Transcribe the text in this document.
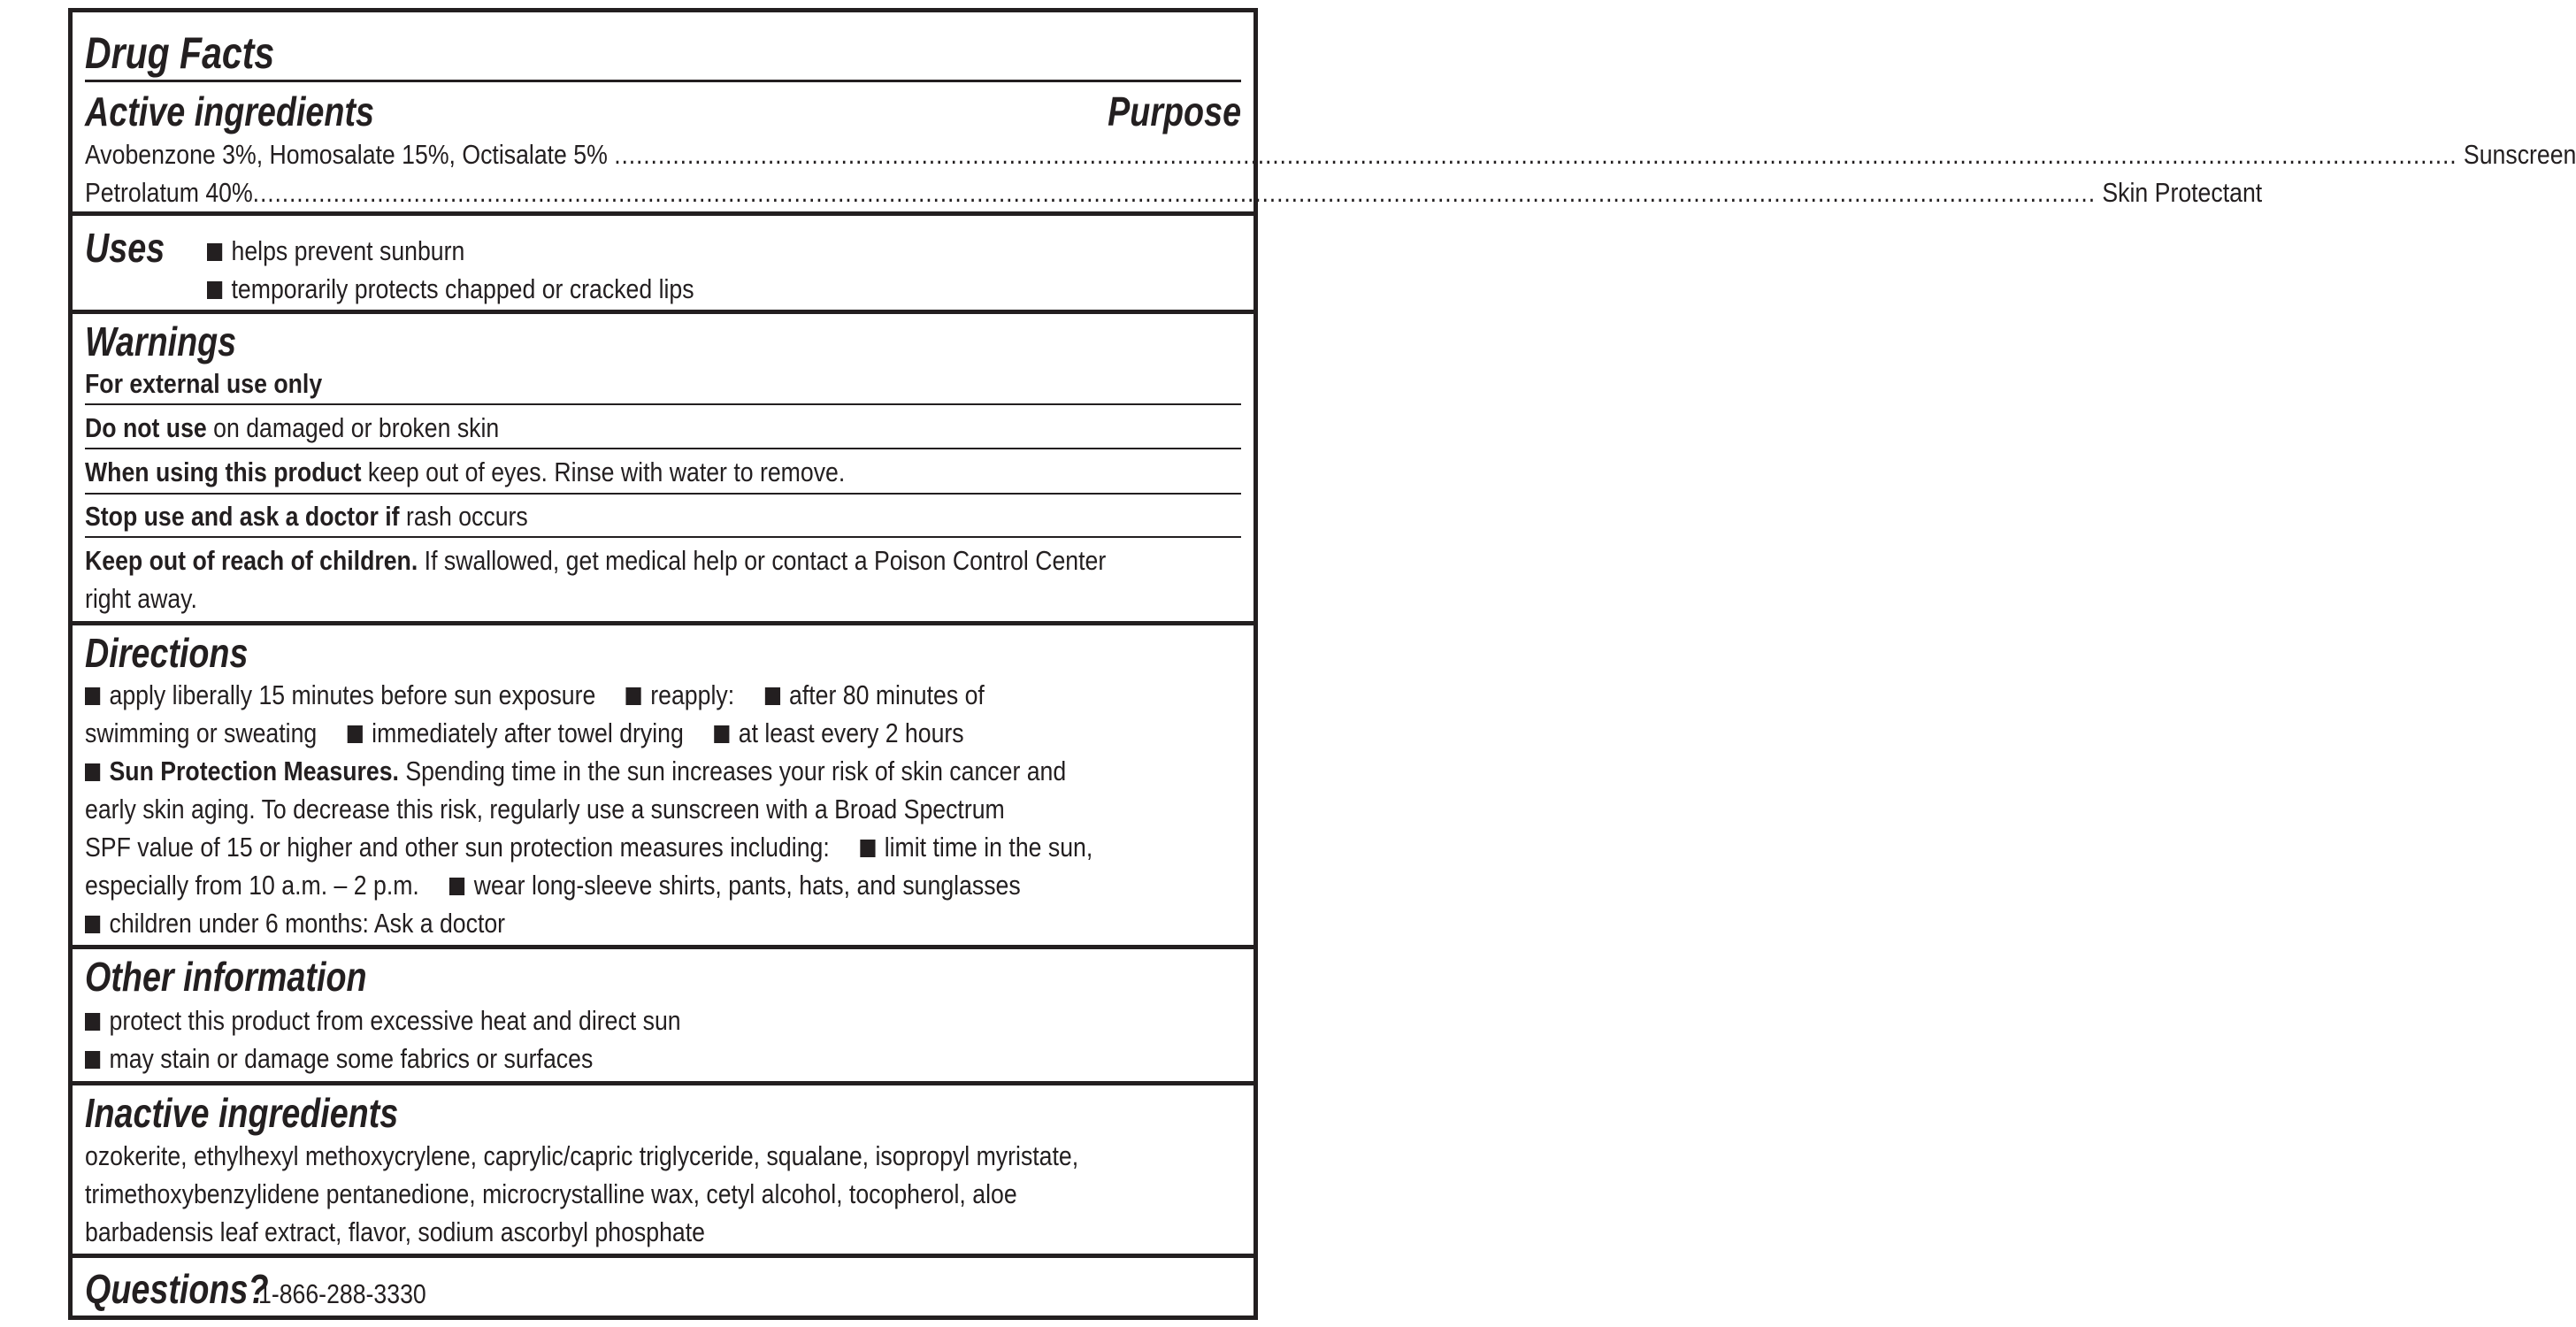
Drug Facts
Active ingredients	Purpose
Avobenzone 3%, Homosalate 15%, Octisalate 5% ............................................................................................................................................................................................................................................................ Sunscreen
Petrolatum 40% ............................................................................................................................................................................................................................................................ Skin Protectant
Uses	helps prevent sunburn
temporarily protects chapped or cracked lips
Warnings
For external use only
Do not use on damaged or broken skin
When using this product keep out of eyes. Rinse with water to remove.
Stop use and ask a doctor if rash occurs
Keep out of reach of children. If swallowed, get medical help or contact a Poison Control Center
right away.
Directions
apply liberally 15 minutes before sun exposure reapply: after 80 minutes of
swimming or sweating immediately after towel drying at least every 2 hours
Sun Protection Measures. Spending time in the sun increases your risk of skin cancer and
early skin aging. To decrease this risk, regularly use a sunscreen with a Broad Spectrum
SPF value of 15 or higher and other sun protection measures including: limit time in the sun,
especially from 10 a.m. – 2 p.m. wear long-sleeve shirts, pants, hats, and sunglasses
children under 6 months: Ask a doctor
Other information
protect this product from excessive heat and direct sun
may stain or damage some fabrics or surfaces
Inactive ingredients
ozokerite, ethylhexyl methoxycrylene, caprylic/capric triglyceride, squalane, isopropyl myristate,
trimethoxybenzylidene pentanedione, microcrystalline wax, cetyl alcohol, tocopherol, aloe
barbadensis leaf extract, flavor, sodium ascorbyl phosphate
Questions?
1-866-288-3330
